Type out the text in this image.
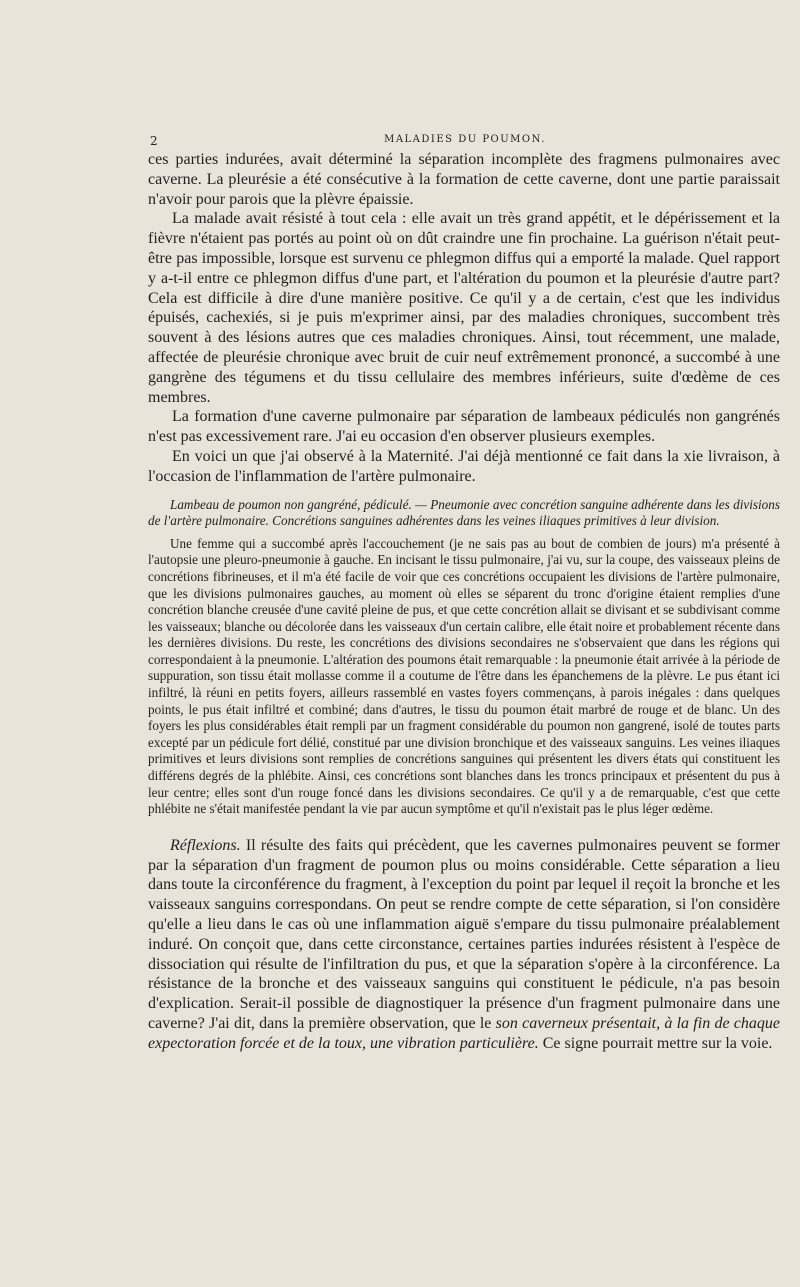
2	MALADIES DU POUMON.

ces parties indurées, avait déterminé la séparation incomplète des fragmens pulmonaires avec caverne. La pleurésie a été consécutive à la formation de cette caverne, dont une partie paraissait n'avoir pour parois que la plèvre épaissie.

La malade avait résisté à tout cela : elle avait un très grand appétit, et le dépérissement et la fièvre n'étaient pas portés au point où on dût craindre une fin prochaine. La guérison n'était peut-être pas impossible, lorsque est survenu ce phlegmon diffus qui a emporté la malade. Quel rapport y a-t-il entre ce phlegmon diffus d'une part, et l'altération du poumon et la pleurésie d'autre part? Cela est difficile à dire d'une manière positive. Ce qu'il y a de certain, c'est que les individus épuisés, cachexiés, si je puis m'exprimer ainsi, par des maladies chroniques, succombent très souvent à des lésions autres que ces maladies chroniques. Ainsi, tout récemment, une malade, affectée de pleurésie chronique avec bruit de cuir neuf extrêmement prononcé, a succombé à une gangrène des tégumens et du tissu cellulaire des membres inférieurs, suite d'œdème de ces membres.

La formation d'une caverne pulmonaire par séparation de lambeaux pédiculés non gangrénés n'est pas excessivement rare. J'ai eu occasion d'en observer plusieurs exemples.

En voici un que j'ai observé à la Maternité. J'ai déjà mentionné ce fait dans la xie livraison, à l'occasion de l'inflammation de l'artère pulmonaire.

Lambeau de poumon non gangréné, pédiculé. — Pneumonie avec concrétion sanguine adhérente dans les divisions de l'artère pulmonaire. Concrétions sanguines adhérentes dans les veines iliaques primitives à leur division.

Une femme qui a succombé après l'accouchement (je ne sais pas au bout de combien de jours) m'a présenté à l'autopsie une pleuro-pneumonie à gauche. En incisant le tissu pulmonaire, j'ai vu, sur la coupe, des vaisseaux pleins de concrétions fibrineuses, et il m'a été facile de voir que ces concrétions occupaient les divisions de l'artère pulmonaire, que les divisions pulmonaires gauches, au moment où elles se séparent du tronc d'origine étaient remplies d'une concrétion blanche creusée d'une cavité pleine de pus, et que cette concrétion allait se divisant et se subdivisant comme les vaisseaux; blanche ou décolorée dans les vaisseaux d'un certain calibre, elle était noire et probablement récente dans les dernières divisions. Du reste, les concrétions des divisions secondaires ne s'observaient que dans les régions qui correspondaient à la pneumonie. L'altération des poumons était remarquable : la pneumonie était arrivée à la période de suppuration, son tissu était mollasse comme il a coutume de l'être dans les épanchemens de la plèvre. Le pus étant ici infiltré, là réuni en petits foyers, ailleurs rassemblé en vastes foyers commençans, à parois inégales : dans quelques points, le pus était infiltré et combiné; dans d'autres, le tissu du poumon était marbré de rouge et de blanc. Un des foyers les plus considérables était rempli par un fragment considérable du poumon non gangrené, isolé de toutes parts excepté par un pédicule fort délié, constitué par une division bronchique et des vaisseaux sanguins. Les veines iliaques primitives et leurs divisions sont remplies de concrétions sanguines qui présentent les divers états qui constituent les différens degrés de la phlébite. Ainsi, ces concrétions sont blanches dans les troncs principaux et présentent du pus à leur centre; elles sont d'un rouge foncé dans les divisions secondaires. Ce qu'il y a de remarquable, c'est que cette phlébite ne s'était manifestée pendant la vie par aucun symptôme et qu'il n'existait pas le plus léger œdème.

Réflexions. Il résulte des faits qui précèdent, que les cavernes pulmonaires peuvent se former par la séparation d'un fragment de poumon plus ou moins considérable. Cette séparation a lieu dans toute la circonférence du fragment, à l'exception du point par lequel il reçoit la bronche et les vaisseaux sanguins correspondans. On peut se rendre compte de cette séparation, si l'on considère qu'elle a lieu dans le cas où une inflammation aiguë s'empare du tissu pulmonaire préalablement induré. On conçoit que, dans cette circonstance, certaines parties indurées résistent à l'espèce de dissociation qui résulte de l'infiltration du pus, et que la séparation s'opère à la circonférence. La résistance de la bronche et des vaisseaux sanguins qui constituent le pédicule, n'a pas besoin d'explication. Serait-il possible de diagnostiquer la présence d'un fragment pulmonaire dans une caverne? J'ai dit, dans la première observation, que le son caverneux présentait, à la fin de chaque expectoration forcée et de la toux, une vibration particulière. Ce signe pourrait mettre sur la voie.
